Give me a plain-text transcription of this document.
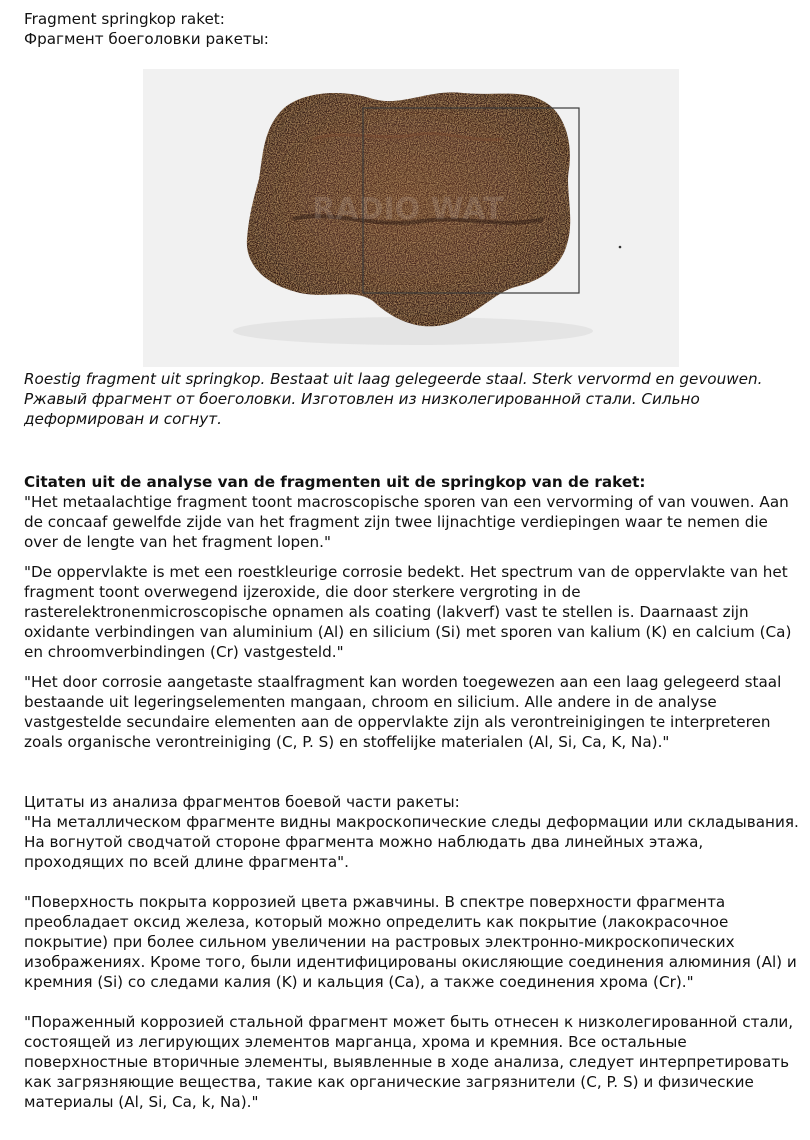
Fragment springkop raket:
Фрагмент боеголовки ракеты:
RADIO WAT
Roestig fragment uit springkop. Bestaat uit laag gelegeerde staal. Sterk vervormd en gevouwen.
Ржавый фрагмент от боеголовки. Изготовлен из низколегированной стали. Сильно деформирован и согнут.
Citaten uit de analyse van de fragmenten uit de springkop van de raket:

"Het metaalachtige fragment toont macroscopische sporen van een vervorming of van vouwen. Aan de concaaf gewelfde zijde van het fragment zijn twee lijnachtige verdiepingen waar te nemen die over de lengte van het fragment lopen."

"De oppervlakte is met een roestkleurige corrosie bedekt. Het spectrum van de oppervlakte van het fragment toont overwegend ijzeroxide, die door sterkere vergroting in de rasterelektronenmicroscopische opnamen als coating (lakverf) vast te stellen is. Daarnaast zijn oxidante verbindingen van aluminium (Al) en silicium (Si) met sporen van kalium (K) en calcium (Ca) en chroomverbindingen (Cr) vastgesteld."

"Het door corrosie aangetaste staalfragment kan worden toegewezen aan een laag gelegeerd staal bestaande uit legeringselementen mangaan, chroom en silicium. Alle andere in de analyse vastgestelde secundaire elementen aan de oppervlakte zijn als verontreinigingen te interpreteren zoals organische verontreiniging (C, P. S) en stoffelijke materialen (Al, Si, Ca, K, Na)."

Цитаты из анализа фрагментов боевой части ракеты:

"На металлическом фрагменте видны макроскопические следы деформации или складывания. На вогнутой сводчатой стороне фрагмента можно наблюдать два линейных этажа, проходящих по всей длине фрагмента".

"Поверхность покрыта коррозией цвета ржавчины. В спектре поверхности фрагмента преобладает оксид железа, который можно определить как покрытие (лакокрасочное покрытие) при более сильном увеличении на растровых электронно-микроскопических изображениях. Кроме того, были идентифицированы окисляющие соединения алюминия (Al) и кремния (Si) со следами калия (K) и кальция (Ca), а также соединения хрома (Cr)."

"Пораженный коррозией стальной фрагмент может быть отнесен к низколегированной стали, состоящей из легирующих элементов марганца, хрома и кремния. Все остальные поверхностные вторичные элементы, выявленные в ходе анализа, следует интерпретировать как загрязняющие вещества, такие как органические загрязнители (C, P. S) и физические материалы (Al, Si, Ca, k, Na)."
